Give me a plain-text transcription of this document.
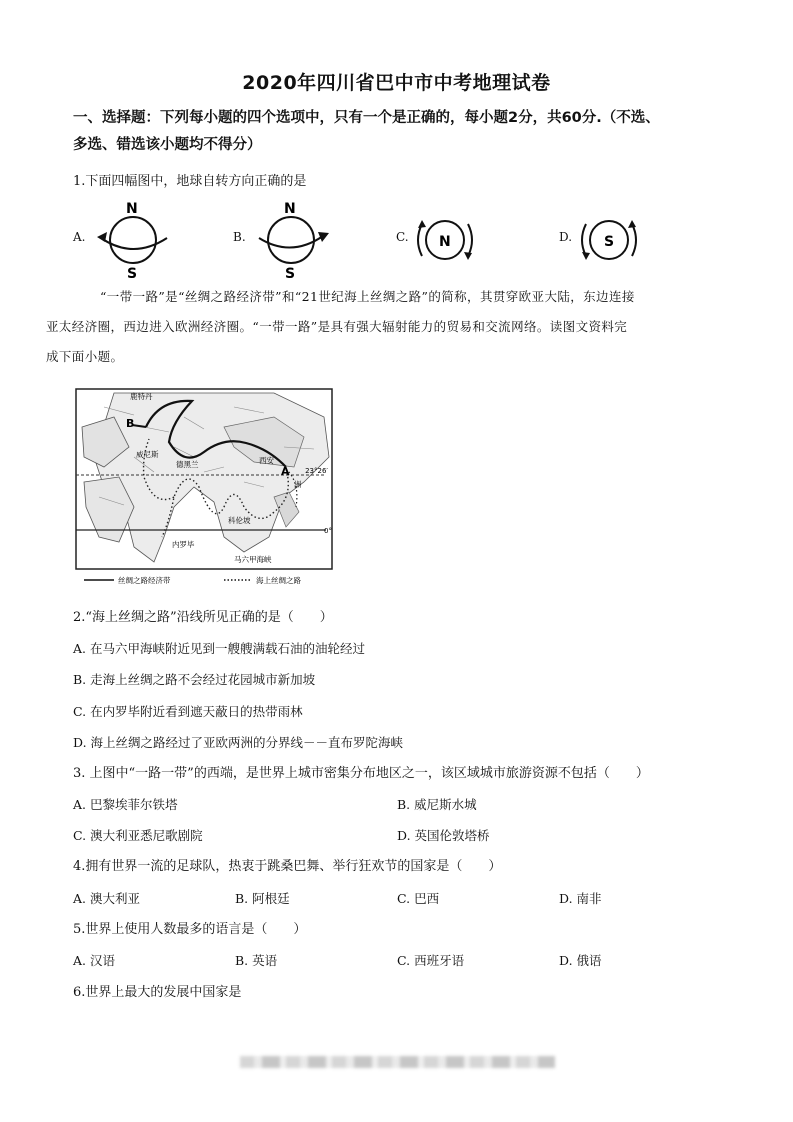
2020年四川省巴中市中考地理试卷
一、选择题：下列每小题的四个选项中，只有一个是正确的，每小题2分，共60分.（不选、
多选、错选该小题均不得分）
1.下面四幅图中，地球自转方向正确的是
A.
N
S
B.
N
S
C. N	D. S
“一带一路”是“丝绸之路经济带”和“21世纪海上丝绸之路”的简称，其贯穿欧亚大陆，东边连接
亚太经济圈，西边进入欧洲经济圈。“一带一路”是具有强大辐射能力的贸易和交流网络。读图文资料完
成下面小题。
鹿特丹
B
威尼斯
德黑兰	西安
A
洲
科伦坡
内罗毕
马六甲海峡
23°26′
0°
丝绸之路经济带	海上丝绸之路
2.“海上丝绸之路”沿线所见正确的是（　　）
A. 在马六甲海峡附近见到一艘艘满载石油的油轮经过
B. 走海上丝绸之路不会经过花园城市新加坡
C. 在内罗毕附近看到遮天蔽日的热带雨林
D. 海上丝绸之路经过了亚欧两洲的分界线－－直布罗陀海峡
3. 上图中“一路一带”的西端，是世界上城市密集分布地区之一，该区域城市旅游资源不包括（　　）
A. 巴黎埃菲尔铁塔	B. 威尼斯水城
C. 澳大利亚悉尼歌剧院	D. 英国伦敦塔桥
4.拥有世界一流的足球队，热衷于跳桑巴舞、举行狂欢节的国家是（　　）
A. 澳大利亚	B. 阿根廷	C. 巴西	D. 南非
5.世界上使用人数最多的语言是（　　）
A. 汉语	B. 英语	C. 西班牙语	D. 俄语
6.世界上最大的发展中国家是
